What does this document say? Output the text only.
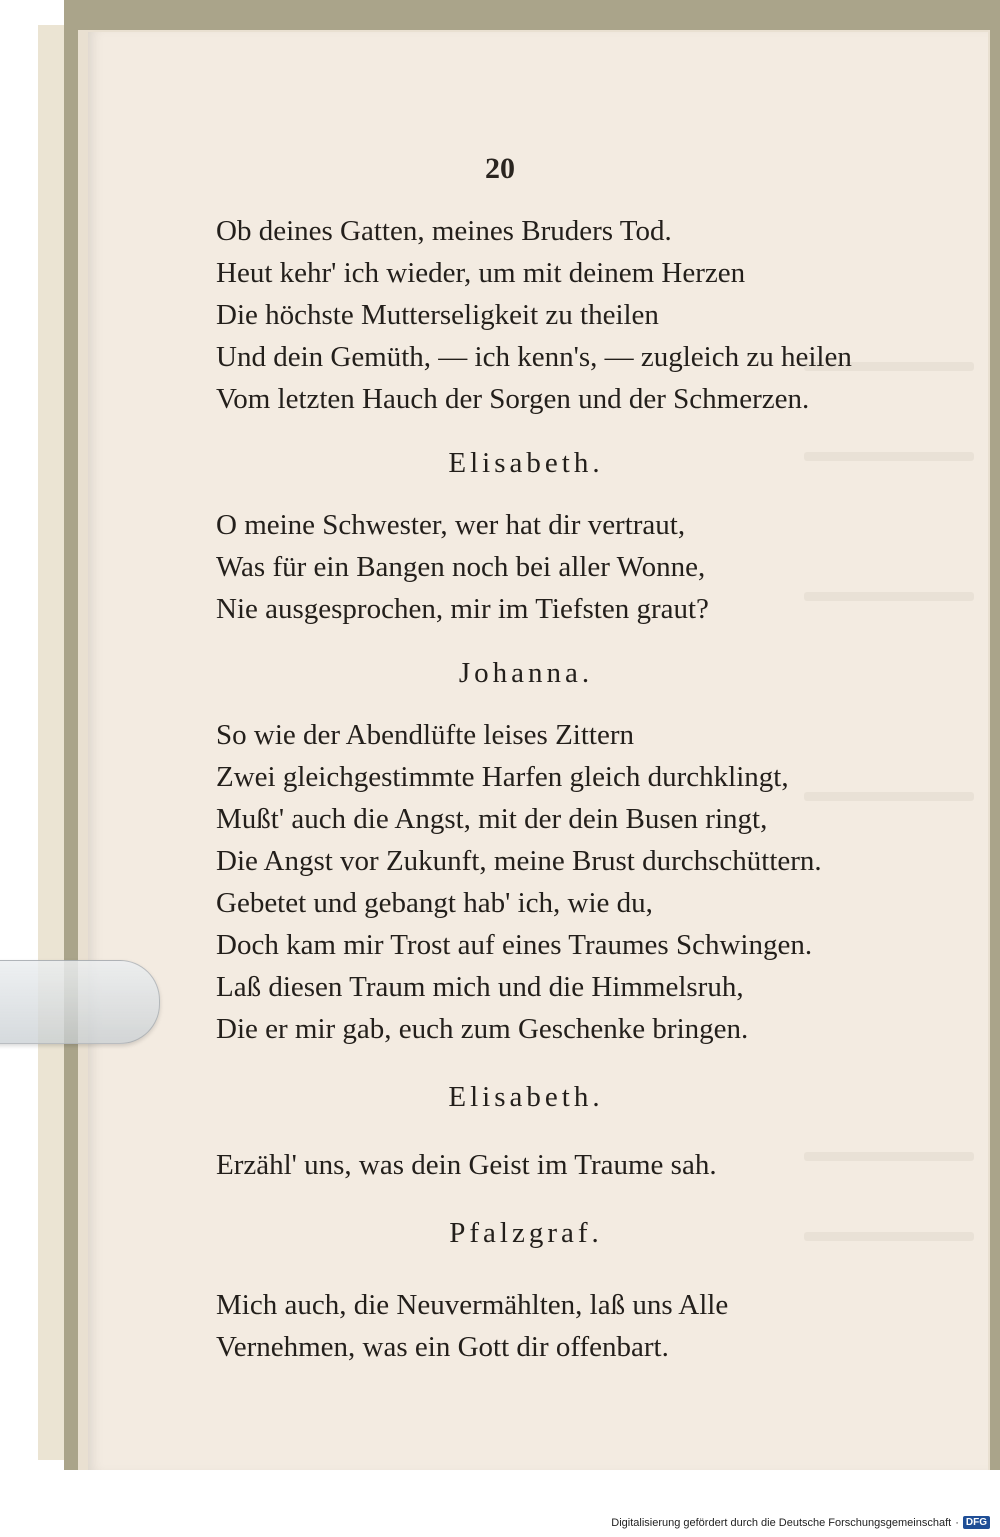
20
Ob deines Gatten, meines Bruders Tod.
Heut kehr' ich wieder, um mit deinem Herzen
Die höchste Mutterseligkeit zu theilen
Und dein Gemüth, — ich kenn's, — zugleich zu heilen
Vom letzten Hauch der Sorgen und der Schmerzen.
Elisabeth.
O meine Schwester, wer hat dir vertraut,
Was für ein Bangen noch bei aller Wonne,
Nie ausgesprochen, mir im Tiefsten graut?
Johanna.
So wie der Abendlüfte leises Zittern
Zwei gleichgestimmte Harfen gleich durchklingt,
Mußt' auch die Angst, mit der dein Busen ringt,
Die Angst vor Zukunft, meine Brust durchschüttern.
Gebetet und gebangt hab' ich, wie du,
Doch kam mir Trost auf eines Traumes Schwingen.
Laß diesen Traum mich und die Himmelsruh,
Die er mir gab, euch zum Geschenke bringen.
Elisabeth.
Erzähl' uns, was dein Geist im Traume sah.
Pfalzgraf.
Mich auch, die Neuvermählten, laß uns Alle
Vernehmen, was ein Gott dir offenbart.
Digitalisierung gefördert durch die Deutsche Forschungsgemeinschaft · DFG
